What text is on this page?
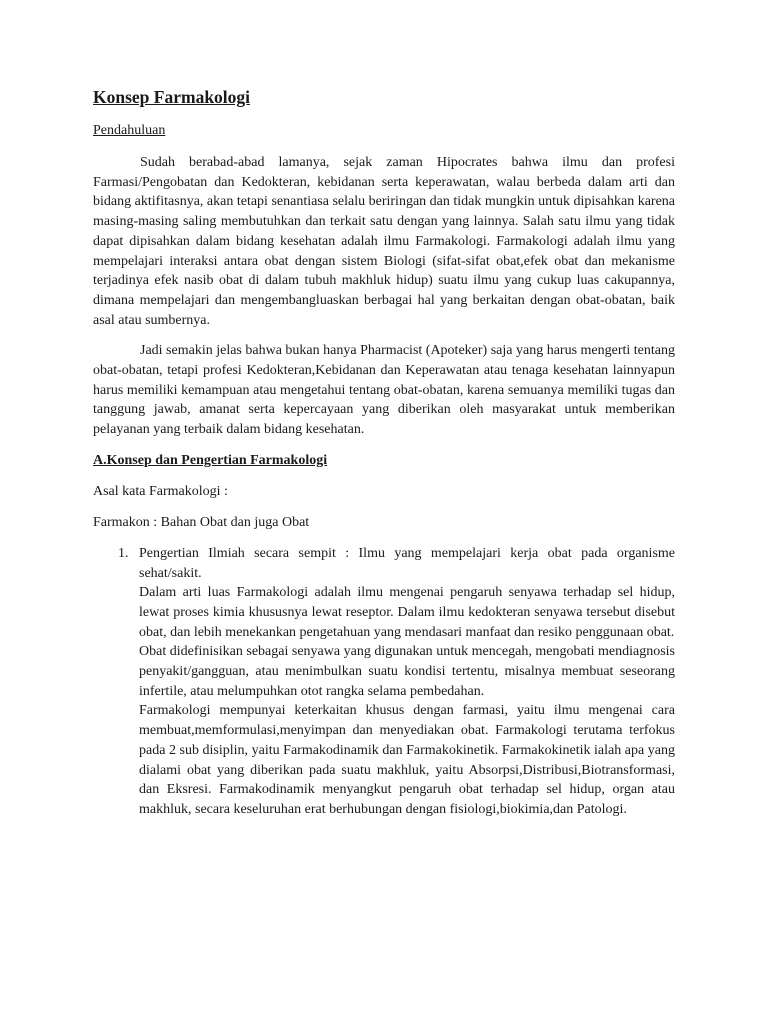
Konsep Farmakologi
Pendahuluan

Sudah berabad-abad lamanya, sejak zaman Hipocrates bahwa ilmu dan profesi Farmasi/Pengobatan dan Kedokteran, kebidanan serta keperawatan, walau berbeda dalam arti dan bidang aktifitasnya, akan tetapi senantiasa selalu beriringan dan tidak mungkin untuk dipisahkan karena masing-masing saling membutuhkan dan terkait satu dengan yang lainnya. Salah satu ilmu yang tidak dapat dipisahkan dalam bidang kesehatan adalah ilmu Farmakologi. Farmakologi adalah ilmu yang mempelajari interaksi antara obat dengan sistem Biologi (sifat-sifat obat,efek obat dan mekanisme terjadinya efek nasib obat di dalam tubuh makhluk hidup) suatu ilmu yang cukup luas cakupannya, dimana mempelajari dan mengembangluaskan berbagai hal yang berkaitan dengan obat-obatan, baik asal atau sumbernya.

Jadi semakin jelas bahwa bukan hanya Pharmacist (Apoteker) saja yang harus mengerti tentang obat-obatan, tetapi profesi Kedokteran,Kebidanan dan Keperawatan atau tenaga kesehatan lainnyapun harus memiliki kemampuan atau mengetahui tentang obat-obatan, karena semuanya memiliki tugas dan tanggung jawab, amanat serta kepercayaan yang diberikan oleh masyarakat untuk memberikan pelayanan yang terbaik dalam bidang kesehatan.

A.Konsep dan Pengertian Farmakologi
Asal kata Farmakologi :
Farmakon : Bahan Obat dan juga Obat
1. Pengertian Ilmiah secara sempit : Ilmu yang mempelajari kerja obat pada organisme sehat/sakit.

Dalam arti luas Farmakologi adalah ilmu mengenai pengaruh senyawa terhadap sel hidup, lewat proses kimia khususnya lewat reseptor. Dalam ilmu kedokteran senyawa tersebut disebut obat, dan lebih menekankan pengetahuan yang mendasari manfaat dan resiko penggunaan obat.

Obat didefinisikan sebagai senyawa yang digunakan untuk mencegah, mengobati mendiagnosis penyakit/gangguan, atau menimbulkan suatu kondisi tertentu, misalnya membuat seseorang infertile, atau melumpuhkan otot rangka selama pembedahan.

Farmakologi mempunyai keterkaitan khusus dengan farmasi, yaitu ilmu mengenai cara membuat,memformulasi,menyimpan dan menyediakan obat. Farmakologi terutama terfokus pada 2 sub disiplin, yaitu Farmakodinamik dan Farmakokinetik. Farmakokinetik ialah apa yang dialami obat yang diberikan pada suatu makhluk, yaitu Absorpsi,Distribusi,Biotransformasi, dan Eksresi. Farmakodinamik menyangkut pengaruh obat terhadap sel hidup, organ atau makhluk, secara keseluruhan erat berhubungan dengan fisiologi,biokimia,dan Patologi.
